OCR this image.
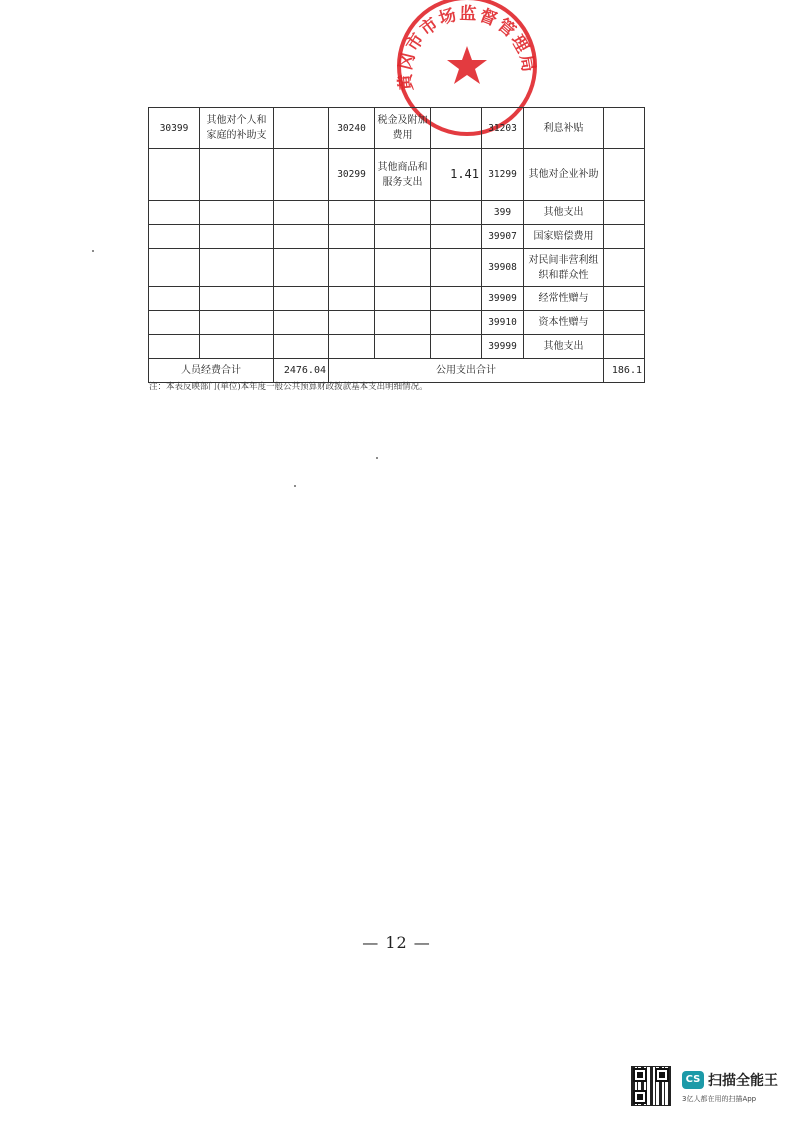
黄冈市市场监督管理局
30399	其他对个人和家庭的补助支		30240	税金及附加费用		31203	利息补贴	
			30299	其他商品和服务支出	1.41	31299	其他对企业补助	
						399	其他支出	
						39907	国家赔偿费用	
						39908	对民间非营利组织和群众性	
						39909	经常性赠与	
						39910	资本性赠与	
						39999	其他支出	
人员经费合计		2476.04	公用支出合计					186.1
注：本表反映部门(单位)本年度一般公共预算财政拨款基本支出明细情况。
— 12 —
CS 扫描全能王
3亿人都在用的扫描App
